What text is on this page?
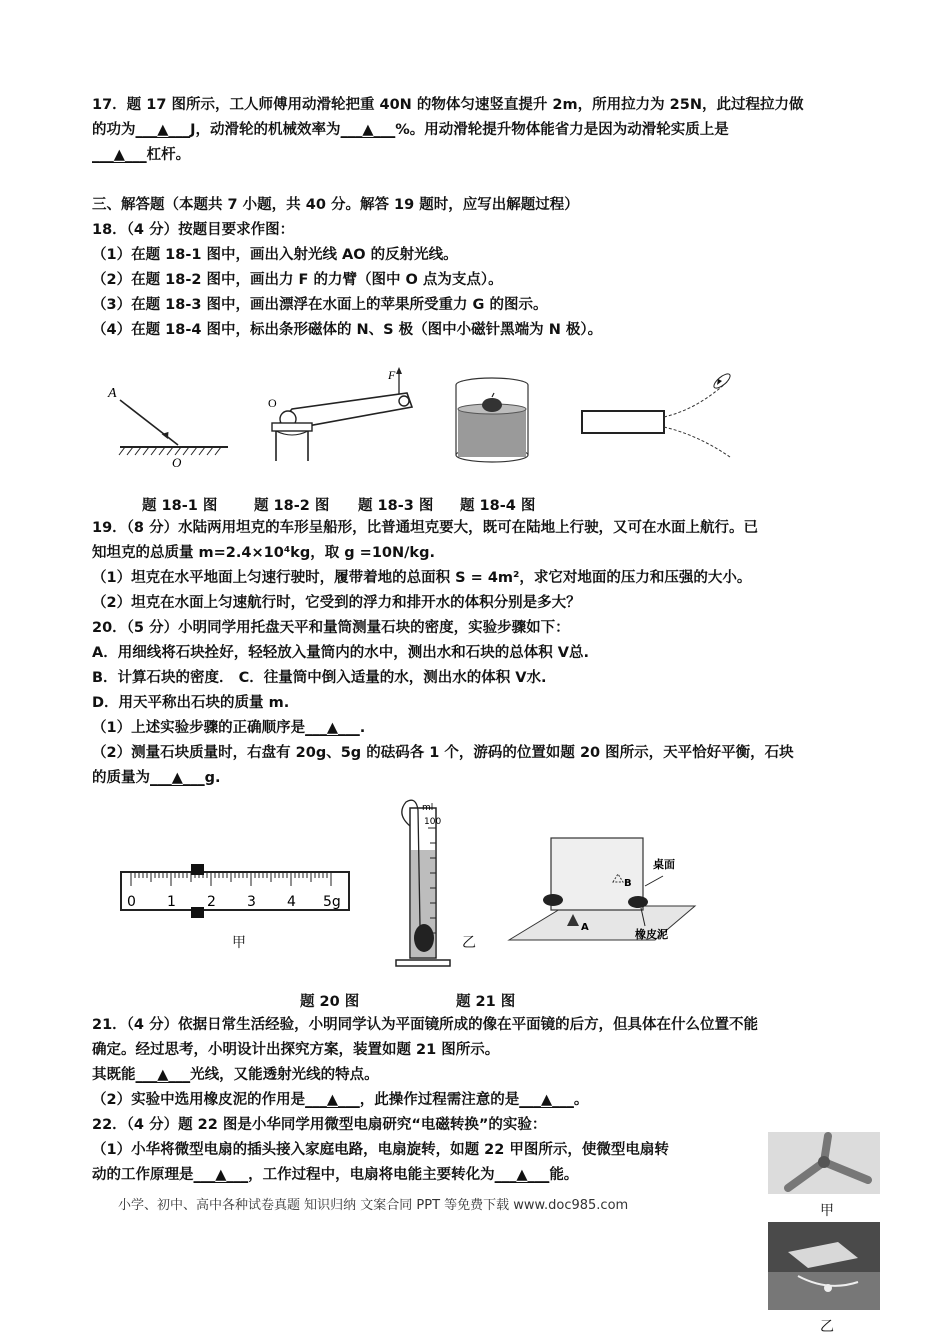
17．题 17 图所示，工人师傅用动滑轮把重 40N 的物体匀速竖直提升 2m，所用拉力为 25N，此过程拉力做
的功为___▲___J，动滑轮的机械效率为___▲___%。用动滑轮提升物体能省力是因为动滑轮实质上是
___▲___杠杆。
三、解答题（本题共 7 小题，共 40 分。解答 19 题时，应写出解题过程）
18．（4 分）按题目要求作图：
（1）在题 18-1 图中，画出入射光线 AO 的反射光线。
（2）在题 18-2 图中，画出力 F 的力臂（图中 O 点为支点）。
（3）在题 18-3 图中，画出漂浮在水面上的苹果所受重力 G 的图示。
（4）在题 18-4 图中，标出条形磁体的 N、S 极（图中小磁针黑端为 N 极）。
A
O
F
O
题 18-1 图	题 18-2 图 题 18-3 图 题 18-4 图
19．（8 分）水陆两用坦克的车形呈船形，比普通坦克要大，既可在陆地上行驶，又可在水面上航行。已
知坦克的总质量 m=2.4×10⁴kg，取 g =10N/kg.
（1）坦克在水平地面上匀速行驶时，履带着地的总面积 S = 4m²，求它对地面的压力和压强的大小。
（2）坦克在水面上匀速航行时，它受到的浮力和排开水的体积分别是多大？
20．（5 分）小明同学用托盘天平和量筒测量石块的密度，实验步骤如下：
A．用细线将石块拴好，轻轻放入量筒内的水中，测出水和石块的总体积 V总.
B．计算石块的密度． C．往量筒中倒入适量的水，测出水的体积 V水.
D．用天平称出石块的质量 m.
（1）上述实验步骤的正确顺序是___▲___.
（2）测量石块质量时，右盘有 20g、5g 的砝码各 1 个，游码的位置如题 20 图所示，天平恰好平衡，石块
的质量为___▲___g.
0 1 2 3 4 5g
甲
ml
100
乙
A
B
桌面
橡皮泥
题 20 图	题 21 图
21．（4 分）依据日常生活经验，小明同学认为平面镜所成的像在平面镜的后方，但具体在什么位置不能
确定。经过思考，小明设计出探究方案，装置如题 21 图所示。
其既能___▲___光线，又能透射光线的特点。
（2）实验中选用橡皮泥的作用是___▲___，此操作过程需注意的是___▲___。
22．（4 分）题 22 图是小华同学用微型电扇研究“电磁转换”的实验：
（1）小华将微型电扇的插头接入家庭电路，电扇旋转，如题 22 甲图所示，使微型电扇转
动的工作原理是___▲___，工作过程中，电扇将电能主要转化为___▲___能。
甲
乙
小学、初中、高中各种试卷真题 知识归纳 文案合同 PPT 等免费下载 www.doc985.com
